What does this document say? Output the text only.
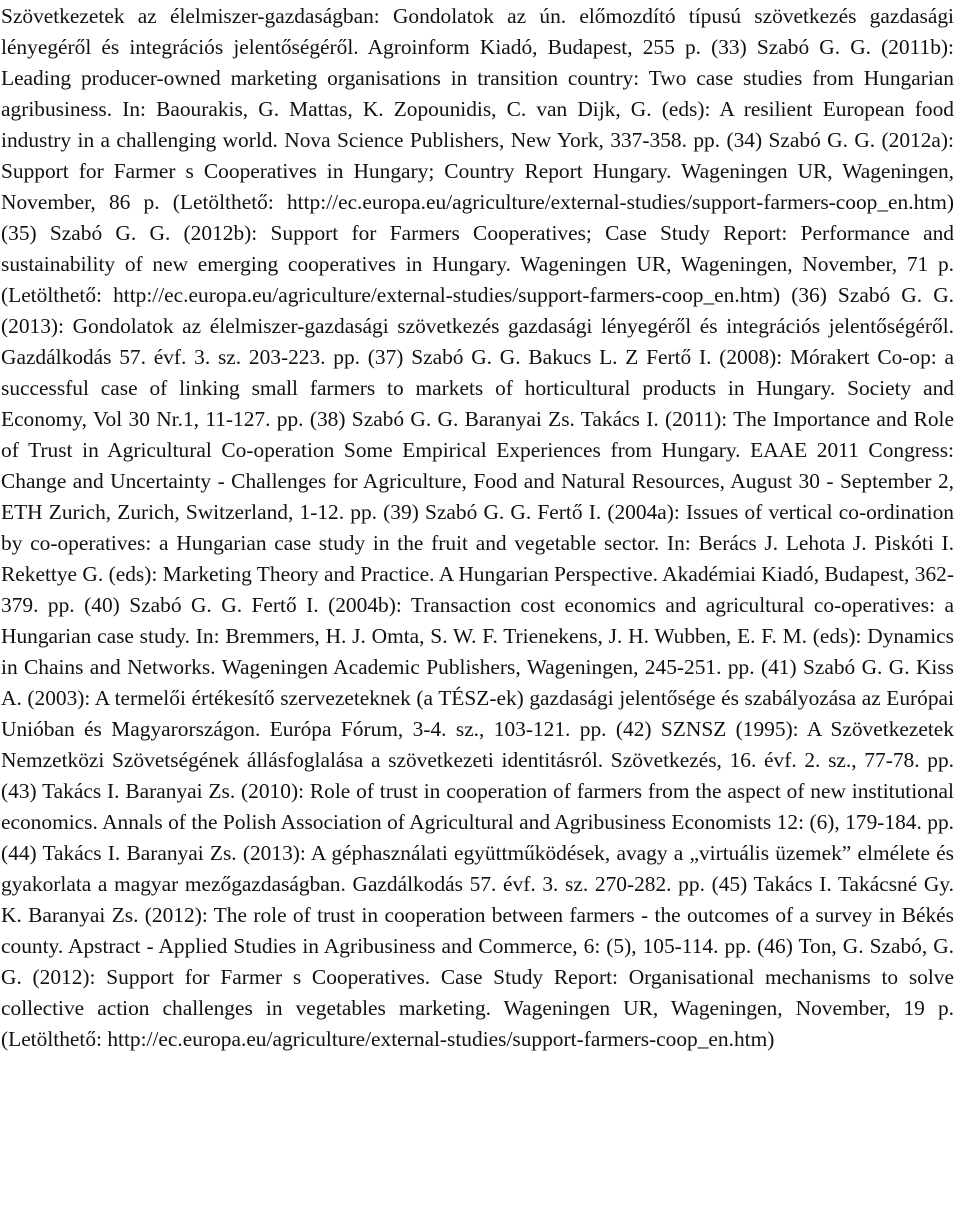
Szövetkezetek az élelmiszer-gazdaságban: Gondolatok az ún. előmozdító típusú szövetkezés gazdasági lényegéről és integrációs jelentőségéről. Agroinform Kiadó, Budapest, 255 p. (33) Szabó G. G. (2011b): Leading producer-owned marketing organisations in transition country: Two case studies from Hungarian agribusiness. In: Baourakis, G. Mattas, K. Zopounidis, C. van Dijk, G. (eds): A resilient European food industry in a challenging world. Nova Science Publishers, New York, 337-358. pp. (34) Szabó G. G. (2012a): Support for Farmer s Cooperatives in Hungary; Country Report Hungary. Wageningen UR, Wageningen, November, 86 p. (Letölthető: http://ec.europa.eu/agriculture/external-studies/support-farmers-coop_en.htm) (35) Szabó G. G. (2012b): Support for Farmers Cooperatives; Case Study Report: Performance and sustainability of new emerging cooperatives in Hungary. Wageningen UR, Wageningen, November, 71 p. (Letölthető: http://ec.europa.eu/agriculture/external-studies/support-farmers-coop_en.htm) (36) Szabó G. G. (2013): Gondolatok az élelmiszer-gazdasági szövetkezés gazdasági lényegéről és integrációs jelentőségéről. Gazdálkodás 57. évf. 3. sz. 203-223. pp. (37) Szabó G. G. Bakucs L. Z Fertő I. (2008): Mórakert Co-op: a successful case of linking small farmers to markets of horticultural products in Hungary. Society and Economy, Vol 30 Nr.1, 11-127. pp. (38) Szabó G. G. Baranyai Zs. Takács I. (2011): The Importance and Role of Trust in Agricultural Co-operation Some Empirical Experiences from Hungary. EAAE 2011 Congress: Change and Uncertainty - Challenges for Agriculture, Food and Natural Resources, August 30 - September 2, ETH Zurich, Zurich, Switzerland, 1-12. pp. (39) Szabó G. G. Fertő I. (2004a): Issues of vertical co-ordination by co-operatives: a Hungarian case study in the fruit and vegetable sector. In: Berács J. Lehota J. Piskóti I. Rekettye G. (eds): Marketing Theory and Practice. A Hungarian Perspective. Akadémiai Kiadó, Budapest, 362-379. pp. (40) Szabó G. G. Fertő I. (2004b): Transaction cost economics and agricultural co-operatives: a Hungarian case study. In: Bremmers, H. J. Omta, S. W. F. Trienekens, J. H. Wubben, E. F. M. (eds): Dynamics in Chains and Networks. Wageningen Academic Publishers, Wageningen, 245-251. pp. (41) Szabó G. G. Kiss A. (2003): A termelői értékesítő szervezeteknek (a TÉSZ-ek) gazdasági jelentősége és szabályozása az Európai Unióban és Magyarországon. Európa Fórum, 3-4. sz., 103-121. pp. (42) SZNSZ (1995): A Szövetkezetek Nemzetközi Szövetségének állásfoglalása a szövetkezeti identitásról. Szövetkezés, 16. évf. 2. sz., 77-78. pp. (43) Takács I. Baranyai Zs. (2010): Role of trust in cooperation of farmers from the aspect of new institutional economics. Annals of the Polish Association of Agricultural and Agribusiness Economists 12: (6), 179-184. pp. (44) Takács I. Baranyai Zs. (2013): A géphasználati együttműködések, avagy a „virtuális üzemek” elmélete és gyakorlata a magyar mezőgazdaságban. Gazdálkodás 57. évf. 3. sz. 270-282. pp. (45) Takács I. Takácsné Gy. K. Baranyai Zs. (2012): The role of trust in cooperation between farmers - the outcomes of a survey in Békés county. Apstract - Applied Studies in Agribusiness and Commerce, 6: (5), 105-114. pp. (46) Ton, G. Szabó, G. G. (2012): Support for Farmer s Cooperatives. Case Study Report: Organisational mechanisms to solve collective action challenges in vegetables marketing. Wageningen UR, Wageningen, November, 19 p. (Letölthető: http://ec.europa.eu/agriculture/external-studies/support-farmers-coop_en.htm)
